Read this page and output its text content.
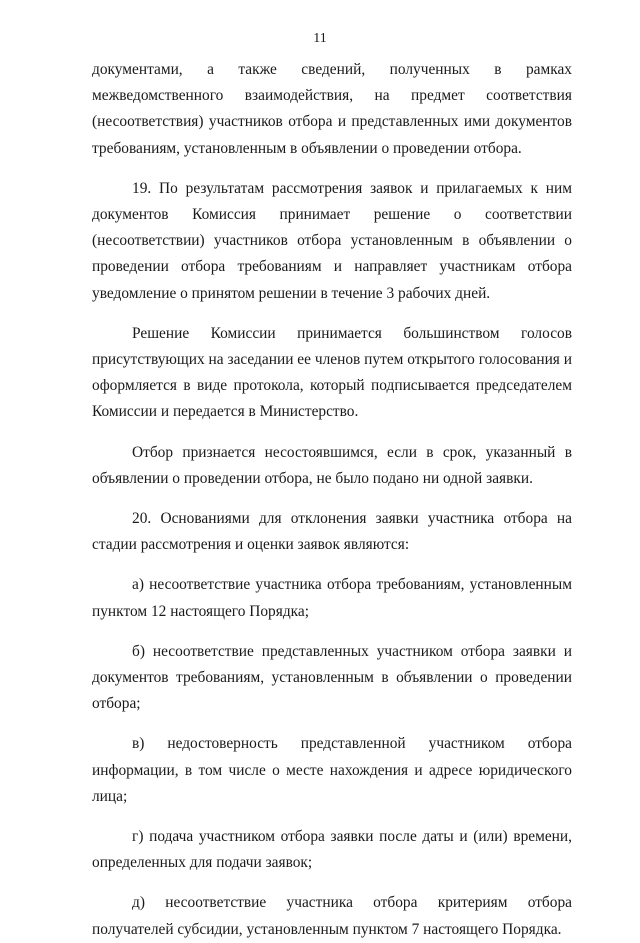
11

документами, а также сведений, полученных в рамках межведомственного взаимодействия, на предмет соответствия (несоответствия) участников отбора и представленных ими документов требованиям, установленным в объявлении о проведении отбора.

19. По результатам рассмотрения заявок и прилагаемых к ним документов Комиссия принимает решение о соответствии (несоответствии) участников отбора установленным в объявлении о проведении отбора требованиям и направляет участникам отбора уведомление о принятом решении в течение 3 рабочих дней.

Решение Комиссии принимается большинством голосов присутствующих на заседании ее членов путем открытого голосования и оформляется в виде протокола, который подписывается председателем Комиссии и передается в Министерство.

Отбор признается несостоявшимся, если в срок, указанный в объявлении о проведении отбора, не было подано ни одной заявки.

20. Основаниями для отклонения заявки участника отбора на стадии рассмотрения и оценки заявок являются:

а) несоответствие участника отбора требованиям, установленным пунктом 12 настоящего Порядка;

б) несоответствие представленных участником отбора заявки и документов требованиям, установленным в объявлении о проведении отбора;

в) недостоверность представленной участником отбора информации, в том числе о месте нахождения и адресе юридического лица;

г) подача участником отбора заявки после даты и (или) времени, определенных для подачи заявок;

д) несоответствие участника отбора критериям отбора получателей субсидии, установленным пунктом 7 настоящего Порядка.
